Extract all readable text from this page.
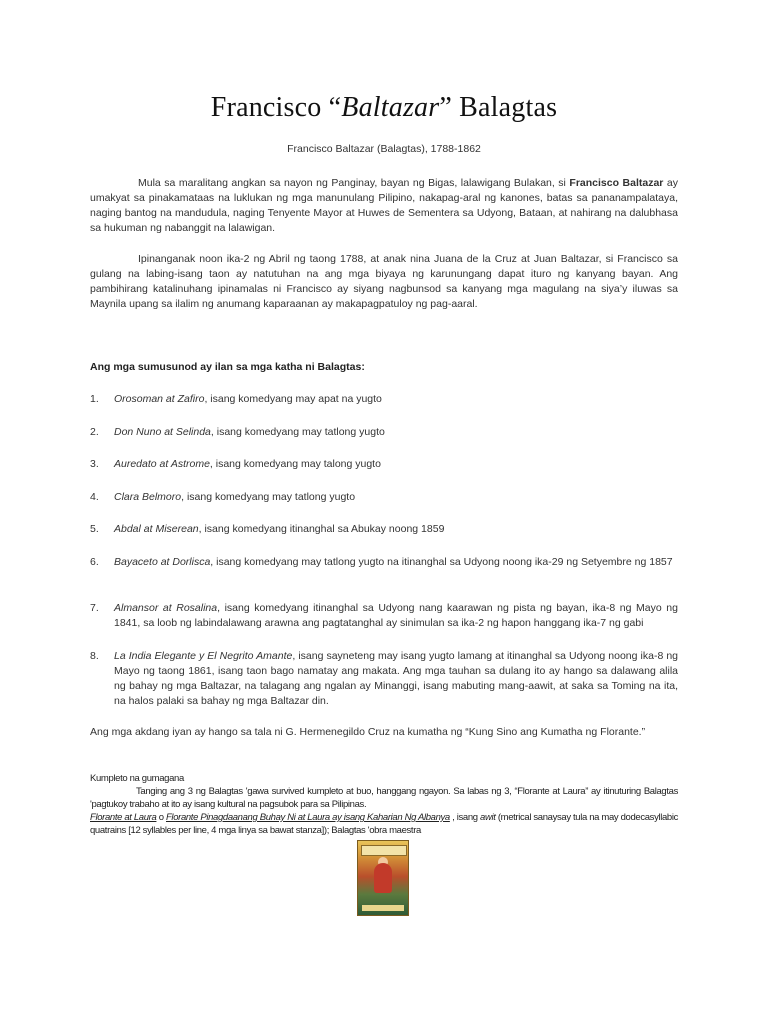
Francisco “Baltazar” Balagtas
Francisco Baltazar (Balagtas), 1788-1862

Mula sa maralitang angkan sa nayon ng Panginay, bayan ng Bigas, lalawigang Bulakan, si Francisco Baltazar ay umakyat sa pinakamataas na luklukan ng mga manunulang Pilipino, nakapag-aral ng kanones, batas sa pananampalataya, naging bantog na mandudula, naging Tenyente Mayor at Huwes de Sementera sa Udyong, Bataan, at nahirang na dalubhasa sa hukuman ng nabanggit na lalawigan.

Ipinanganak noon ika-2 ng Abril ng taong 1788, at anak nina Juana de la Cruz at Juan Baltazar, si Francisco sa gulang na labing-isang taon ay natutuhan na ang mga biyaya ng karunungang dapat ituro ng kanyang bayan. Ang pambihirang katalinuhang ipinamalas ni Francisco ay siyang nagbunsod sa kanyang mga magulang na siya’y iluwas sa Maynila upang sa ilalim ng anumang kaparaanan ay makapagpatuloy ng pag-aaral.

Ang mga sumusunod ay ilan sa mga katha ni Balagtas:
1.	Orosoman at Zafiro, isang komedyang may apat na yugto
2.	Don Nuno at Selinda, isang komedyang may tatlong yugto
3.	Auredato at Astrome, isang komedyang may talong yugto
4.	Clara Belmoro, isang komedyang may tatlong yugto
5.	Abdal at Miserean, isang komedyang itinanghal sa Abukay noong 1859
6.	Bayaceto at Dorlisca, isang komedyang may tatlong yugto na itinanghal sa Udyong noong ika-29 ng Setyembre ng 1857
7.	Almansor at Rosalina, isang komedyang itinanghal sa Udyong nang kaarawan ng pista ng bayan, ika-8 ng Mayo ng 1841, sa loob ng labindalawang arawna ang pagtatanghal ay sinimulan sa ika-2 ng hapon hanggang ika-7 ng gabi
8.	La India Elegante y El Negrito Amante, isang sayneteng may isang yugto lamang at itinanghal sa Udyong noong ika-8 ng Mayo ng taong 1861, isang taon bago namatay ang makata. Ang mga tauhan sa dulang ito ay hango sa dalawang alila ng bahay ng mga Baltazar, na talagang ang ngalan ay Minanggi, isang mabuting mang-aawit, at saka sa Toming na ita, na halos palaki sa bahay ng mga Baltazar din.
Ang mga akdang iyan ay hango sa tala ni G. Hermenegildo Cruz na kumatha ng “Kung Sino ang Kumatha ng Florante.”
Kumpleto na gumagana

Tanging ang 3 ng Balagtas 'gawa survived kumpleto at buo, hanggang ngayon. Sa labas ng 3, “Florante at Laura” ay itinuturing Balagtas 'pagtukoy trabaho at ito ay isang kultural na pagsubok para sa Pilipinas.

Florante at Laura o Florante Pinagdaanang Buhay Ni at Laura ay isang Kaharian Ng Albanya , isang awit (metrical sanaysay tula na may dodecasyllabic quatrains [12 syllables per line, 4 mga linya sa bawat stanza]); Balagtas 'obra maestra
